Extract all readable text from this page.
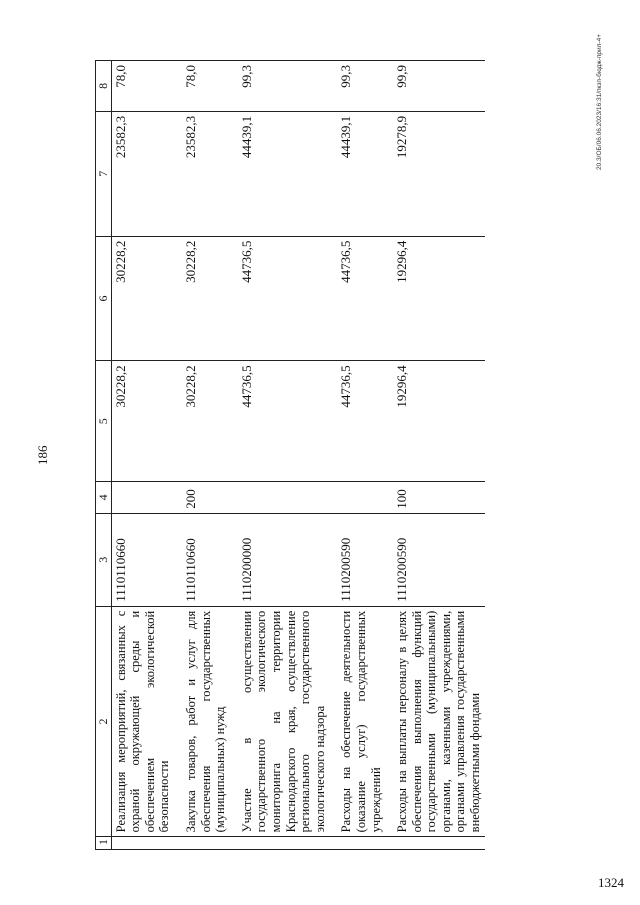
1	2	3	4	5	6	7	8
	Реализация мероприятий, связанных с охраной окружающей среды и обеспечением экологической безопасности	1110110660		30228,2	30228,2	23582,3	78,0
	Закупка товаров, работ и услуг для обеспечения государственных (муниципальных) нужд	1110110660	200	30228,2	30228,2	23582,3	78,0
	Участие в осуществлении государственного экологического мониторинга на территории Краснодарского края, осуществление регионального государственного экологического надзора	1110200000		44736,5	44736,5	44439,1	99,3
	Расходы на обеспечение деятельности (оказание услуг) государственных учреждений	1110200590		44736,5	44736,5	44439,1	99,3
	Расходы на выплаты персоналу в целях обеспечения выполнения функций государственными (муниципальными) органами, казенными учреждениями, органами управления государственными внебюджетными фондами	1110200590	100	19296,4	19296,4	19278,9	99,9
186
20.3/ОБ/06.06.2023/16:31/пкзп-бюдж-прил-4+
1324
